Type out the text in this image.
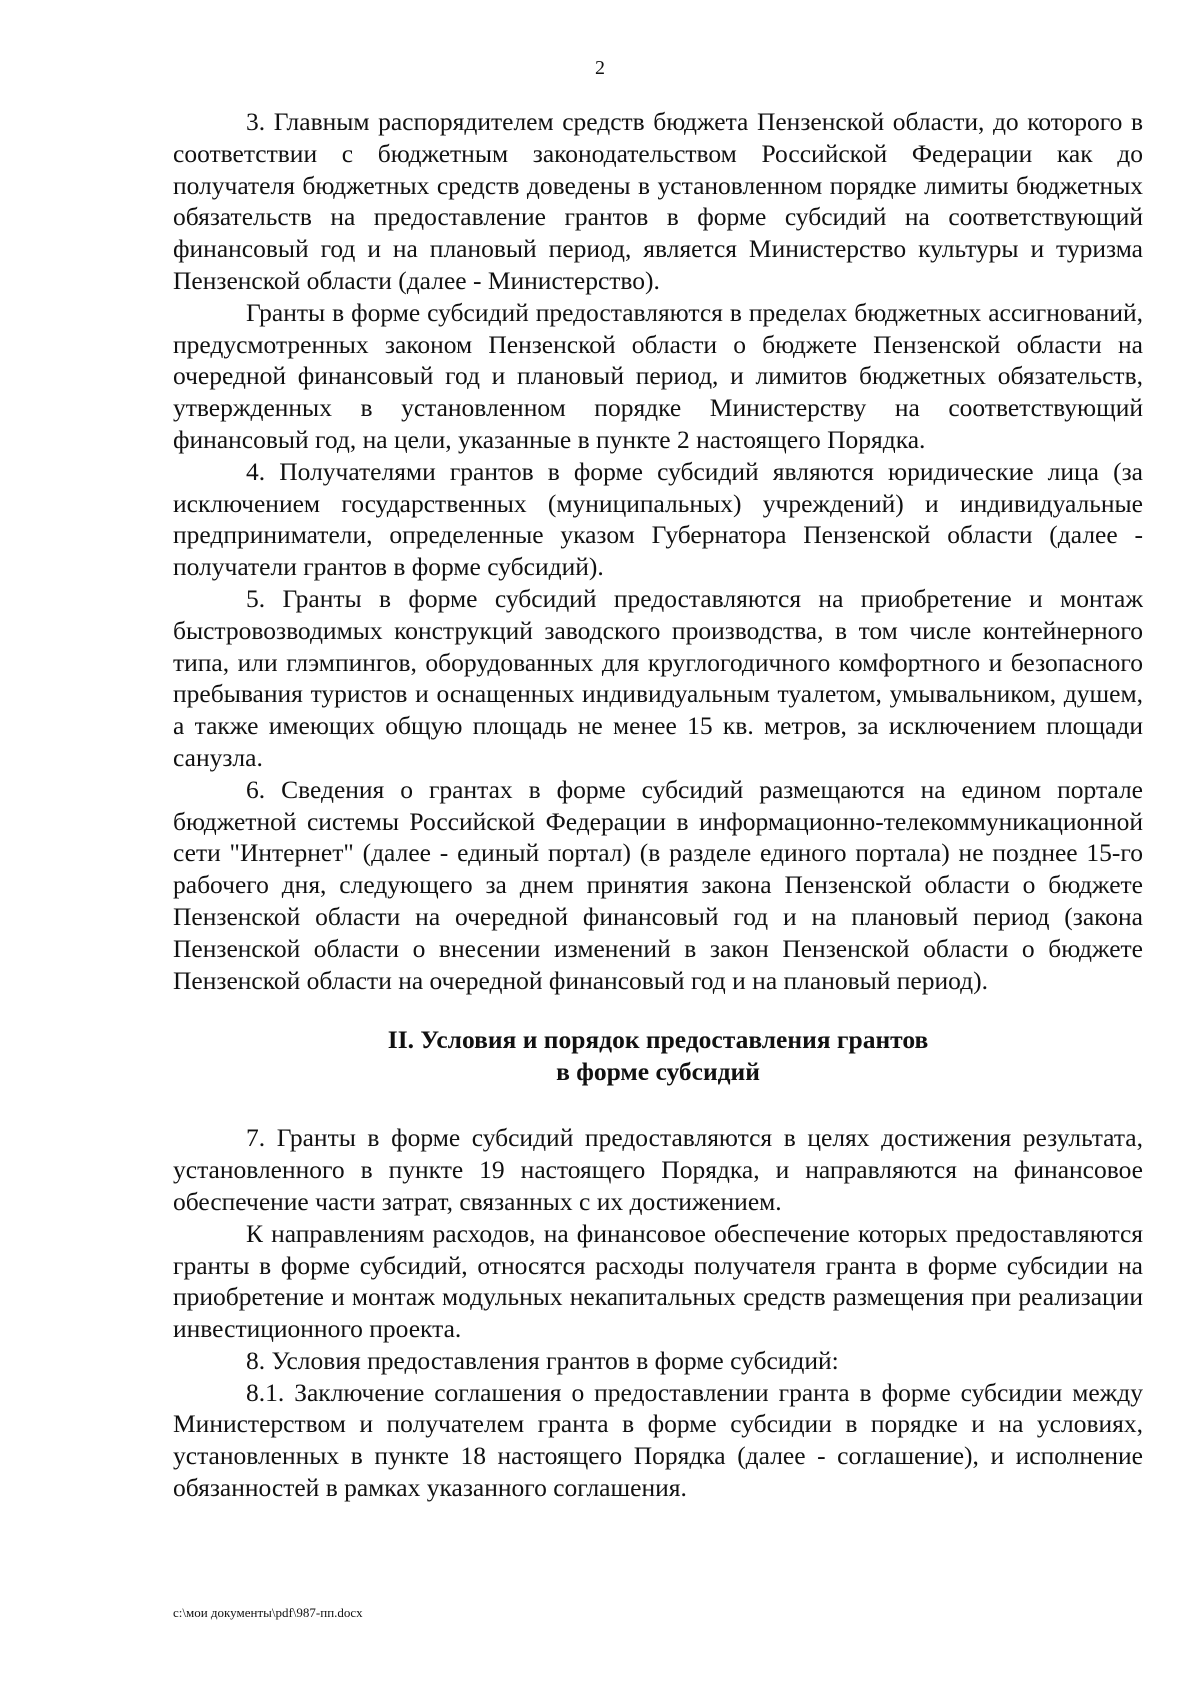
2

3. Главным распорядителем средств бюджета Пензенской области, до которого в соответствии с бюджетным законодательством Российской Федерации как до получателя бюджетных средств доведены в установленном порядке лимиты бюджетных обязательств на предоставление грантов в форме субсидий на соответствующий финансовый год и на плановый период, является Министерство культуры и туризма Пензенской области (далее - Министерство).

Гранты в форме субсидий предоставляются в пределах бюджетных ассигнований, предусмотренных законом Пензенской области о бюджете Пензенской области на очередной финансовый год и плановый период, и лимитов бюджетных обязательств, утвержденных в установленном порядке Министерству на соответствующий финансовый год, на цели, указанные в пункте 2 настоящего Порядка.

4. Получателями грантов в форме субсидий являются юридические лица (за исключением государственных (муниципальных) учреждений) и индивидуальные предприниматели, определенные указом Губернатора Пензенской области (далее - получатели грантов в форме субсидий).

5. Гранты в форме субсидий предоставляются на приобретение и монтаж быстровозводимых конструкций заводского производства, в том числе контейнерного типа, или глэмпингов, оборудованных для круглогодичного комфортного и безопасного пребывания туристов и оснащенных индивидуальным туалетом, умывальником, душем, а также имеющих общую площадь не менее 15 кв. метров, за исключением площади санузла.

6. Сведения о грантах в форме субсидий размещаются на едином портале бюджетной системы Российской Федерации в информационно-телекоммуникационной сети "Интернет" (далее - единый портал) (в разделе единого портала) не позднее 15-го рабочего дня, следующего за днем принятия закона Пензенской области о бюджете Пензенской области на очередной финансовый год и на плановый период (закона Пензенской области о внесении изменений в закон Пензенской области о бюджете Пензенской области на очередной финансовый год и на плановый период).

II. Условия и порядок предоставления грантов
в форме субсидий

7. Гранты в форме субсидий предоставляются в целях достижения результата, установленного в пункте 19 настоящего Порядка, и направляются на финансовое обеспечение части затрат, связанных с их достижением.

К направлениям расходов, на финансовое обеспечение которых предоставляются гранты в форме субсидий, относятся расходы получателя гранта в форме субсидии на приобретение и монтаж модульных некапитальных средств размещения при реализации инвестиционного проекта.

8. Условия предоставления грантов в форме субсидий:

8.1. Заключение соглашения о предоставлении гранта в форме субсидии между Министерством и получателем гранта в форме субсидии в порядке и на условиях, установленных в пункте 18 настоящего Порядка (далее - соглашение), и исполнение обязанностей в рамках указанного соглашения.

c:\мои документы\pdf\987-пп.docx
